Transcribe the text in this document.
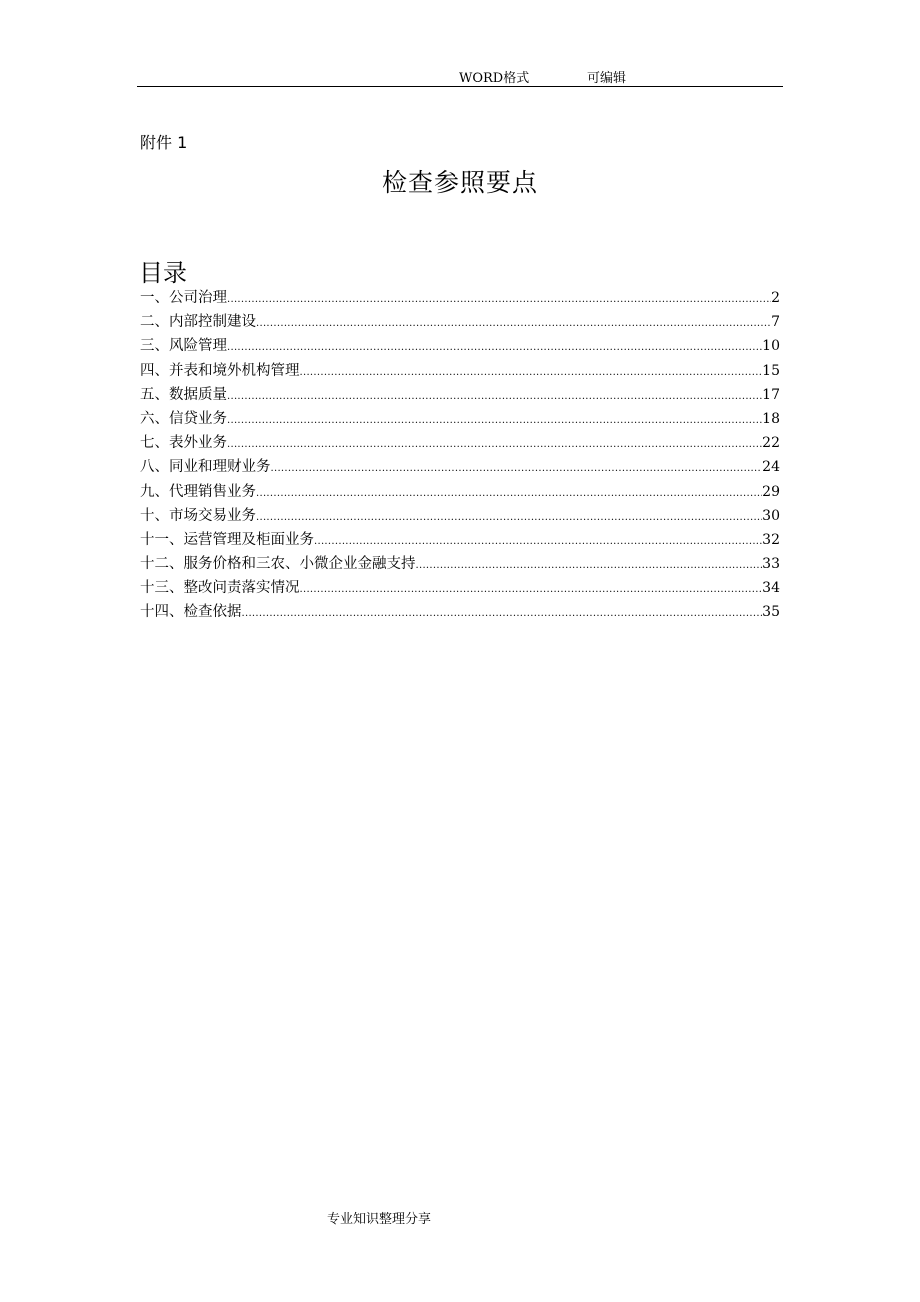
WORD格式	可编辑
附件 1
检查参照要点
目录
一、公司治理 .....	2
二、内部控制建设 .....	7
三、风险管理 .....	10
四、并表和境外机构管理 .....	15
五、数据质量 .....	17
六、信贷业务 .....	18
七、表外业务 .....	22
八、同业和理财业务 .....	24
九、代理销售业务 .....	29
十、市场交易业务 .....	30
十一、运营管理及柜面业务 .....	32
十二、服务价格和三农、小微企业金融支持 .....	33
十三、整改问责落实情况 .....	34
十四、检查依据 .....	35
专业知识整理分享
